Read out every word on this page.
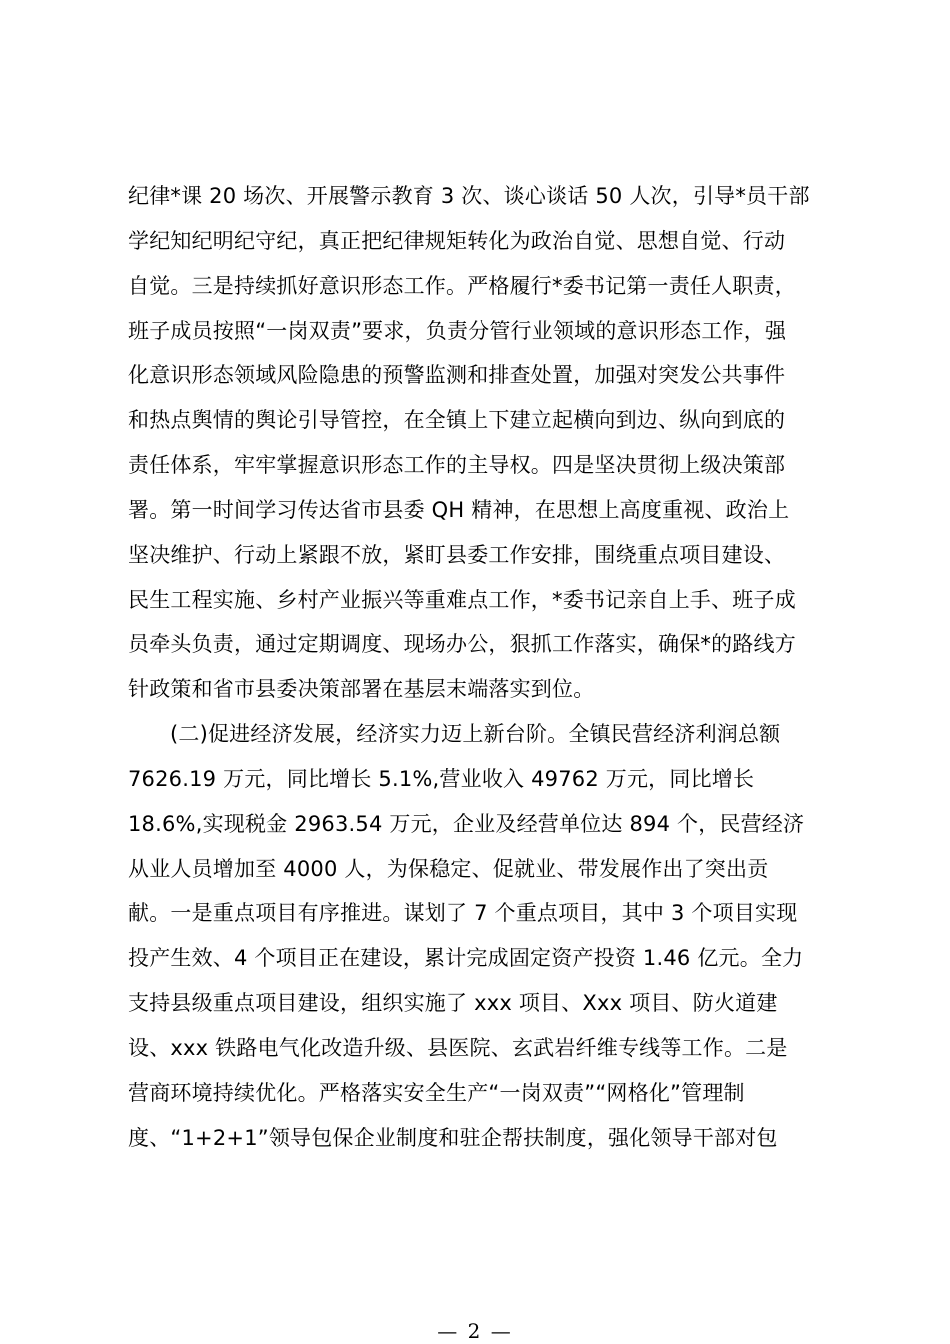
纪律*课 20 场次、开展警示教育 3 次、谈心谈话 50 人次，引导*员干部
学纪知纪明纪守纪，真正把纪律规矩转化为政治自觉、思想自觉、行动
自觉。三是持续抓好意识形态工作。严格履行*委书记第一责任人职责，
班子成员按照“一岗双责”要求，负责分管行业领域的意识形态工作，强
化意识形态领域风险隐患的预警监测和排查处置，加强对突发公共事件
和热点舆情的舆论引导管控，在全镇上下建立起横向到边、纵向到底的
责任体系，牢牢掌握意识形态工作的主导权。四是坚决贯彻上级决策部
署。第一时间学习传达省市县委 QH 精神，在思想上高度重视、政治上
坚决维护、行动上紧跟不放，紧盯县委工作安排，围绕重点项目建设、
民生工程实施、乡村产业振兴等重难点工作，*委书记亲自上手、班子成
员牵头负责，通过定期调度、现场办公，狠抓工作落实，确保*的路线方
针政策和省市县委决策部署在基层末端落实到位。
(二)促进经济发展，经济实力迈上新台阶。全镇民营经济利润总额
7626.19 万元，同比增长 5.1%,营业收入 49762 万元，同比增长
18.6%,实现税金 2963.54 万元，企业及经营单位达 894 个，民营经济
从业人员增加至 4000 人，为保稳定、促就业、带发展作出了突出贡
献。一是重点项目有序推进。谋划了 7 个重点项目，其中 3 个项目实现
投产生效、4 个项目正在建设，累计完成固定资产投资 1.46 亿元。全力
支持县级重点项目建设，组织实施了 xxx 项目、Xxx 项目、防火道建
设、xxx 铁路电气化改造升级、县医院、玄武岩纤维专线等工作。二是
营商环境持续优化。严格落实安全生产“一岗双责”“网格化”管理制
度、“1+2+1”领导包保企业制度和驻企帮扶制度，强化领导干部对包
— 2 —
